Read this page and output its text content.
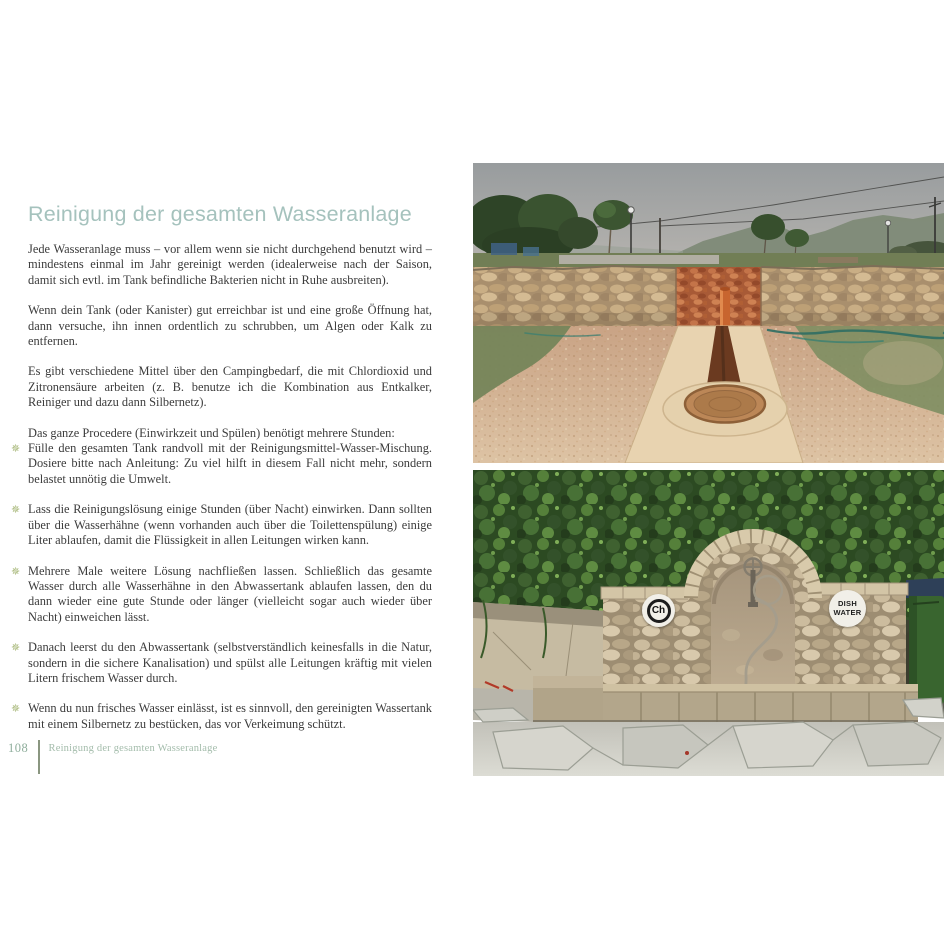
Reinigung der gesamten Wasseranlage

Jede Wasseranlage muss – vor allem wenn sie nicht durchgehend benutzt wird – mindestens einmal im Jahr gereinigt werden (idealerweise nach der Saison, damit sich evtl. im Tank befindliche Bakterien nicht in Ruhe ausbreiten).

Wenn dein Tank (oder Kanister) gut erreichbar ist und eine große Öffnung hat, dann versuche, ihn innen ordentlich zu schrubben, um Algen oder Kalk zu entfernen.

Es gibt verschiedene Mittel über den Campingbedarf, die mit Chlordioxid und Zitronensäure arbeiten (z. B. benutze ich die Kombination aus Entkalker, Reiniger und dazu dann Silbernetz).

Das ganze Procedere (Einwirkzeit und Spülen) benötigt mehrere Stunden:

✵ Fülle den gesamten Tank randvoll mit der Reinigungsmittel-Wasser-Mischung. Dosiere bitte nach Anleitung: Zu viel hilft in diesem Fall nicht mehr, sondern belastet unnötig die Umwelt.
✵ Lass die Reinigungslösung einige Stunden (über Nacht) einwirken. Dann sollten über die Wasserhähne (wenn vorhanden auch über die Toilettenspülung) einige Liter ablaufen, damit die Flüssigkeit in allen Leitungen wirken kann.
✵ Mehrere Male weitere Lösung nachfließen lassen. Schließlich das gesamte Wasser durch alle Wasserhähne in den Abwassertank ablaufen lassen, den du dann wieder eine gute Stunde oder länger (vielleicht sogar auch wieder über Nacht) einweichen lässt.
✵ Danach leerst du den Abwassertank (selbstverständlich keinesfalls in die Natur, sondern in die sichere Kanalisation) und spülst alle Leitungen kräftig mit vielen Litern frischem Wasser durch.
✵ Wenn du nun frisches Wasser einlässt, ist es sinnvoll, den gereinigten Wassertank mit einem Silbernetz zu bestücken, das vor Verkeimung schützt.
Ch
DISH
WATER
108	Reinigung der gesamten Wasseranlage
